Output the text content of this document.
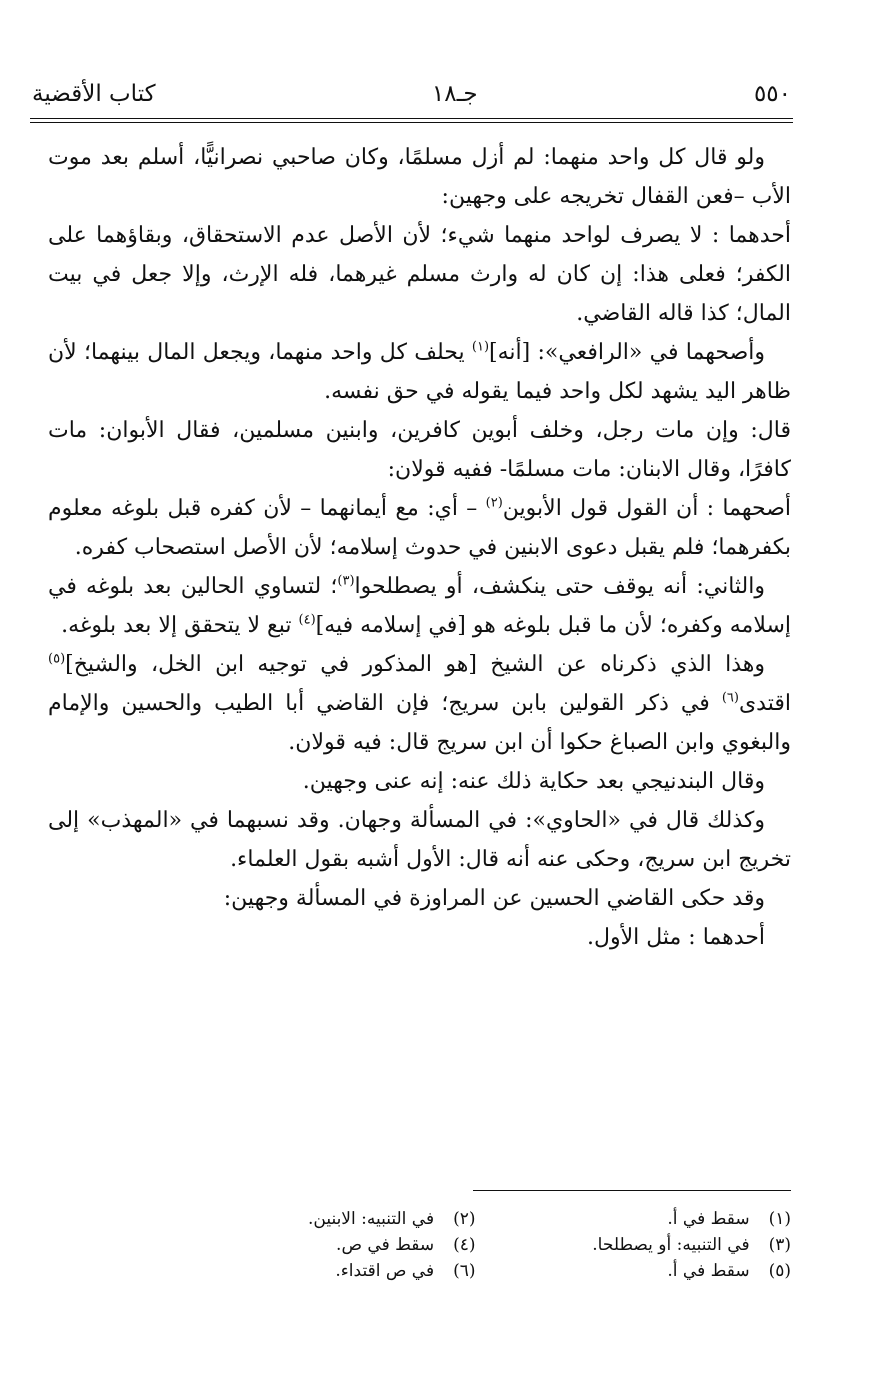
٥٥٠
جـ١٨
كتاب الأقضية

ولو قال كل واحد منهما: لم أزل مسلمًا، وكان صاحبي نصرانيًّا، أسلم بعد موت الأب –فعن القفال تخريجه على وجهين:

أحدهما : لا يصرف لواحد منهما شيء؛ لأن الأصل عدم الاستحقاق، وبقاؤهما على الكفر؛ فعلى هذا: إن كان له وارث مسلم غيرهما، فله الإرث، وإلا جعل في بيت المال؛ كذا قاله القاضي.

وأصحهما في «الرافعي»: [أنه]$^{(١)}$ يحلف كل واحد منهما، ويجعل المال بينهما؛ لأن ظاهر اليد يشهد لكل واحد فيما يقوله في حق نفسه.

قال: وإن مات رجل، وخلف أبوين كافرين، وابنين مسلمين، فقال الأبوان: مات كافرًا، وقال الابنان: مات مسلمًا- ففيه قولان:

أصحهما : أن القول قول الأبوين$^{(٢)}$ – أي: مع أيمانهما – لأن كفره قبل بلوغه معلوم بكفرهما؛ فلم يقبل دعوى الابنين في حدوث إسلامه؛ لأن الأصل استصحاب كفره.

والثاني: أنه يوقف حتى ينكشف، أو يصطلحوا$^{(٣)}$؛ لتساوي الحالين بعد بلوغه في إسلامه وكفره؛ لأن ما قبل بلوغه هو [في إسلامه فيه]$^{(٤)}$ تبع لا يتحقق إلا بعد بلوغه.

وهذا الذي ذكرناه عن الشيخ [هو المذكور في توجيه ابن الخل، والشيخ]$^{(٥)}$ اقتدى$^{(٦)}$ في ذكر القولين بابن سريج؛ فإن القاضي أبا الطيب والحسين والإمام والبغوي وابن الصباغ حكوا أن ابن سريج قال: فيه قولان.

وقال البندنيجي بعد حكاية ذلك عنه: إنه عنى وجهين.

وكذلك قال في «الحاوي»: في المسألة وجهان. وقد نسبهما في «المهذب» إلى تخريج ابن سريج، وحكى عنه أنه قال: الأول أشبه بقول العلماء.

وقد حكى القاضي الحسين عن المراوزة في المسألة وجهين:

أحدهما : مثل الأول.

(١) سقط في أ.
(٢) في التنبيه: الابنين.
(٣) في التنبيه: أو يصطلحا.
(٤) سقط في ص.
(٥) سقط في أ.
(٦) في ص اقتداء.
